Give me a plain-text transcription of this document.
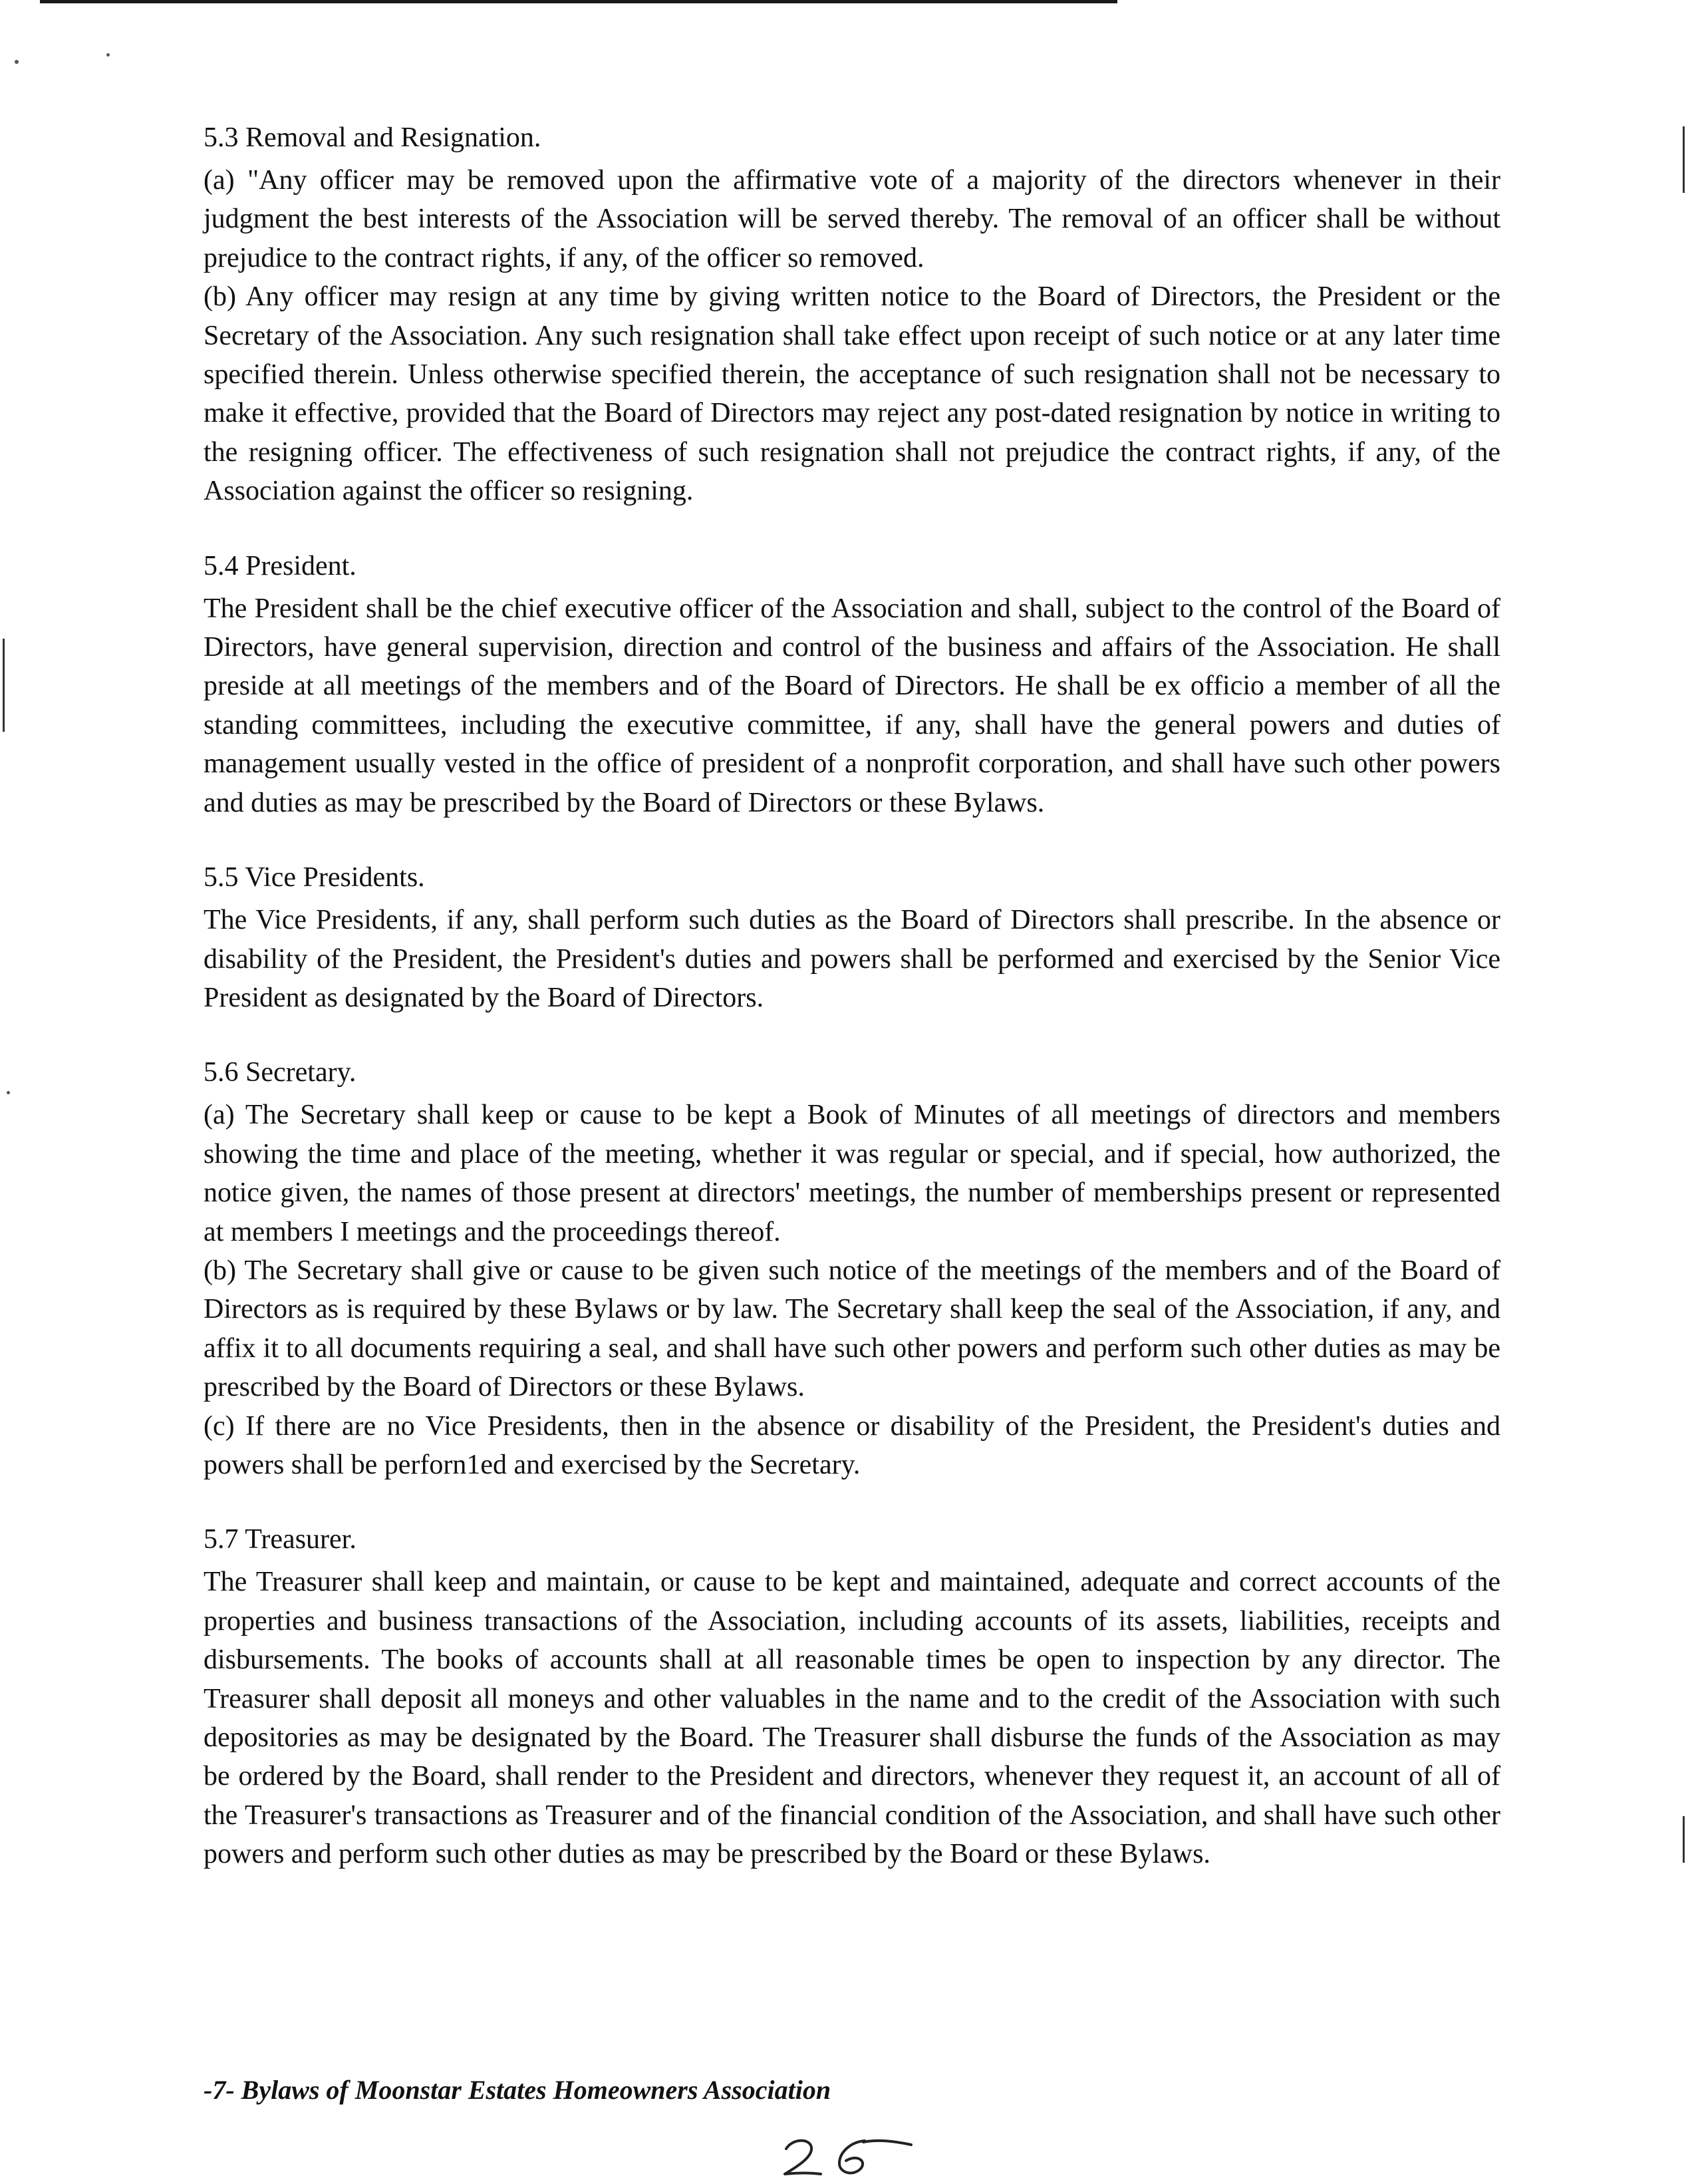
5.3 Removal and Resignation.

(a) "Any officer may be removed upon the affirmative vote of a majority of the directors whenever in their judgment the best interests of the Association will be served thereby. The removal of an officer shall be without prejudice to the contract rights, if any, of the officer so removed.

(b) Any officer may resign at any time by giving written notice to the Board of Directors, the President or the Secretary of the Association. Any such resignation shall take effect upon receipt of such notice or at any later time specified therein. Unless otherwise specified therein, the acceptance of such resignation shall not be necessary to make it effective, provided that the Board of Directors may reject any post-dated resignation by notice in writing to the resigning officer. The effectiveness of such resignation shall not prejudice the contract rights, if any, of the Association against the officer so resigning.

5.4 President.

The President shall be the chief executive officer of the Association and shall, subject to the control of the Board of Directors, have general supervision, direction and control of the business and affairs of the Association. He shall preside at all meetings of the members and of the Board of Directors. He shall be ex officio a member of all the standing committees, including the executive committee, if any, shall have the general powers and duties of management usually vested in the office of president of a nonprofit corporation, and shall have such other powers and duties as may be prescribed by the Board of Directors or these Bylaws.

5.5 Vice Presidents.

The Vice Presidents, if any, shall perform such duties as the Board of Directors shall prescribe. In the absence or disability of the President, the President's duties and powers shall be performed and exercised by the Senior Vice President as designated by the Board of Directors.

5.6 Secretary.

(a) The Secretary shall keep or cause to be kept a Book of Minutes of all meetings of directors and members showing the time and place of the meeting, whether it was regular or special, and if special, how authorized, the notice given, the names of those present at directors' meetings, the number of memberships present or represented at members I meetings and the proceedings thereof.

(b) The Secretary shall give or cause to be given such notice of the meetings of the members and of the Board of Directors as is required by these Bylaws or by law. The Secretary shall keep the seal of the Association, if any, and affix it to all documents requiring a seal, and shall have such other powers and perform such other duties as may be prescribed by the Board of Directors or these Bylaws.

(c) If there are no Vice Presidents, then in the absence or disability of the President, the President's duties and powers shall be perforn1ed and exercised by the Secretary.

5.7 Treasurer.

The Treasurer shall keep and maintain, or cause to be kept and maintained, adequate and correct accounts of the properties and business transactions of the Association, including accounts of its assets, liabilities, receipts and disbursements. The books of accounts shall at all reasonable times be open to inspection by any director. The Treasurer shall deposit all moneys and other valuables in the name and to the credit of the Association with such depositories as may be designated by the Board. The Treasurer shall disburse the funds of the Association as may be ordered by the Board, shall render to the President and directors, whenever they request it, an account of all of the Treasurer's transactions as Treasurer and of the financial condition of the Association, and shall have such other powers and perform such other duties as may be prescribed by the Board or these Bylaws.

-7- Bylaws of Moonstar Estates Homeowners Association
